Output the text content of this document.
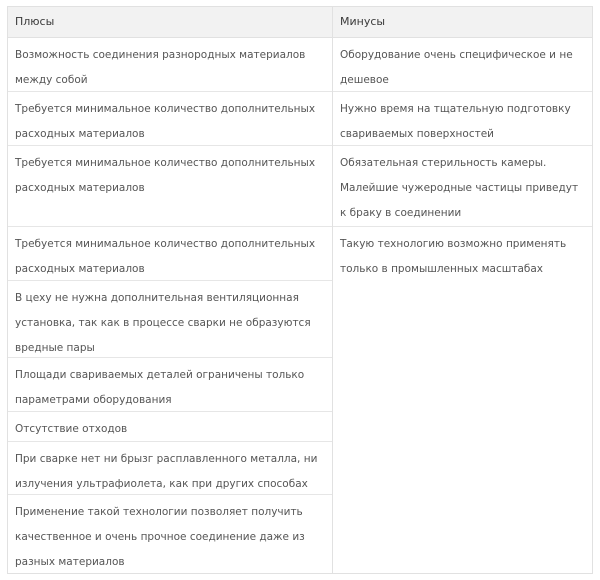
Плюсы	Минусы
Возможность соединения разнородных материалов между собой
Требуется минимальное количество дополнительных расходных материалов
Требуется минимальное количество дополнительных расходных материалов
Требуется минимальное количество дополнительных расходных материалов
В цеху не нужна дополнительная вентиляционная установка, так как в процессе сварки не образуются вредные пары
Площади свариваемых деталей ограничены только параметрами оборудования
Отсутствие отходов
При сварке нет ни брызг расплавленного металла, ни излучения ультрафиолета, как при других способах
Применение такой технологии позволяет получить качественное и очень прочное соединение даже из разных материалов
Оборудование очень специфическое и не дешевое
Нужно время на тщательную подготовку свариваемых поверхностей
Обязательная стерильность камеры. Малейшие чужеродные частицы приведут к браку в соединении
Такую технологию возможно применять только в промышленных масштабах
